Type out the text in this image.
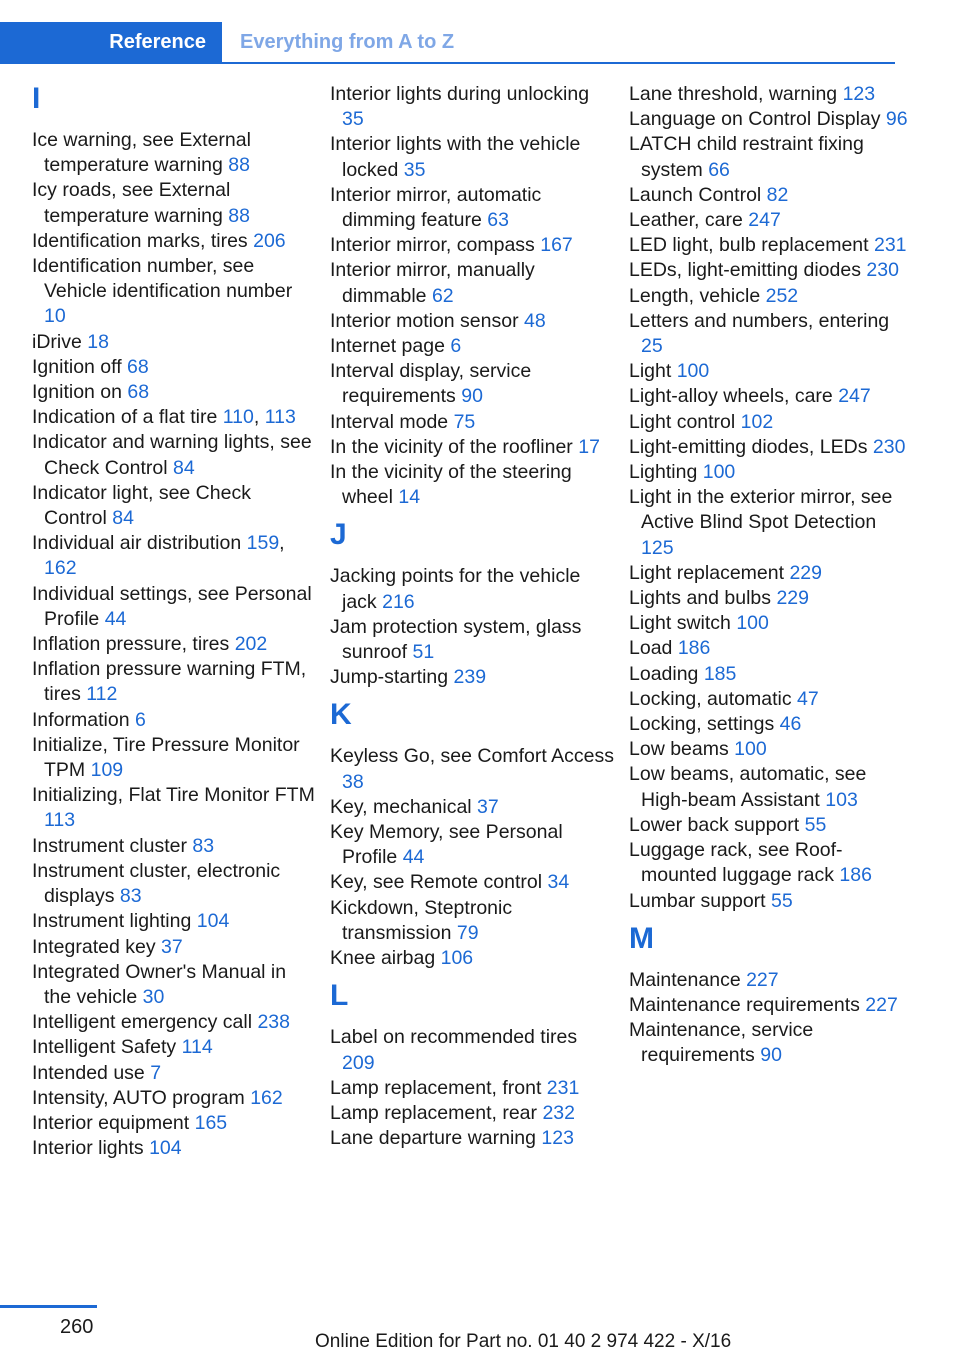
Reference Everything from A to Z
I
Ice warning, see External temperature warning 88
Icy roads, see External temperature warning 88
Identification marks, tires 206
Identification number, see Vehicle identification number 10
iDrive 18
Ignition off 68
Ignition on 68
Indication of a flat tire 110, 113
Indicator and warning lights, see Check Control 84
Indicator light, see Check Control 84
Individual air distribution 159, 162
Individual settings, see Personal Profile 44
Inflation pressure, tires 202
Inflation pressure warning FTM, tires 112
Information 6
Initialize, Tire Pressure Monitor TPM 109
Initializing, Flat Tire Monitor FTM 113
Instrument cluster 83
Instrument cluster, electronic displays 83
Instrument lighting 104
Integrated key 37
Integrated Owner's Manual in the vehicle 30
Intelligent emergency call 238
Intelligent Safety 114
Intended use 7
Intensity, AUTO program 162
Interior equipment 165
Interior lights 104
Interior lights during unlocking 35
Interior lights with the vehicle locked 35
Interior mirror, automatic dimming feature 63
Interior mirror, compass 167
Interior mirror, manually dimmable 62
Interior motion sensor 48
Internet page 6
Interval display, service requirements 90
Interval mode 75
In the vicinity of the roofliner 17
In the vicinity of the steering wheel 14
J
Jacking points for the vehicle jack 216
Jam protection system, glass sunroof 51
Jump-starting 239
K
Keyless Go, see Comfort Access 38
Key, mechanical 37
Key Memory, see Personal Profile 44
Key, see Remote control 34
Kickdown, Steptronic transmission 79
Knee airbag 106
L
Label on recommended tires 209
Lamp replacement, front 231
Lamp replacement, rear 232
Lane departure warning 123
Lane threshold, warning 123
Language on Control Display 96
LATCH child restraint fixing system 66
Launch Control 82
Leather, care 247
LED light, bulb replacement 231
LEDs, light-emitting diodes 230
Length, vehicle 252
Letters and numbers, entering 25
Light 100
Light-alloy wheels, care 247
Light control 102
Light-emitting diodes, LEDs 230
Lighting 100
Light in the exterior mirror, see Active Blind Spot Detection 125
Light replacement 229
Lights and bulbs 229
Light switch 100
Load 186
Loading 185
Locking, automatic 47
Locking, settings 46
Low beams 100
Low beams, automatic, see High-beam Assistant 103
Lower back support 55
Luggage rack, see Roof-mounted luggage rack 186
Lumbar support 55
M
Maintenance 227
Maintenance requirements 227
Maintenance, service requirements 90
260
Online Edition for Part no. 01 40 2 974 422 - X/16
